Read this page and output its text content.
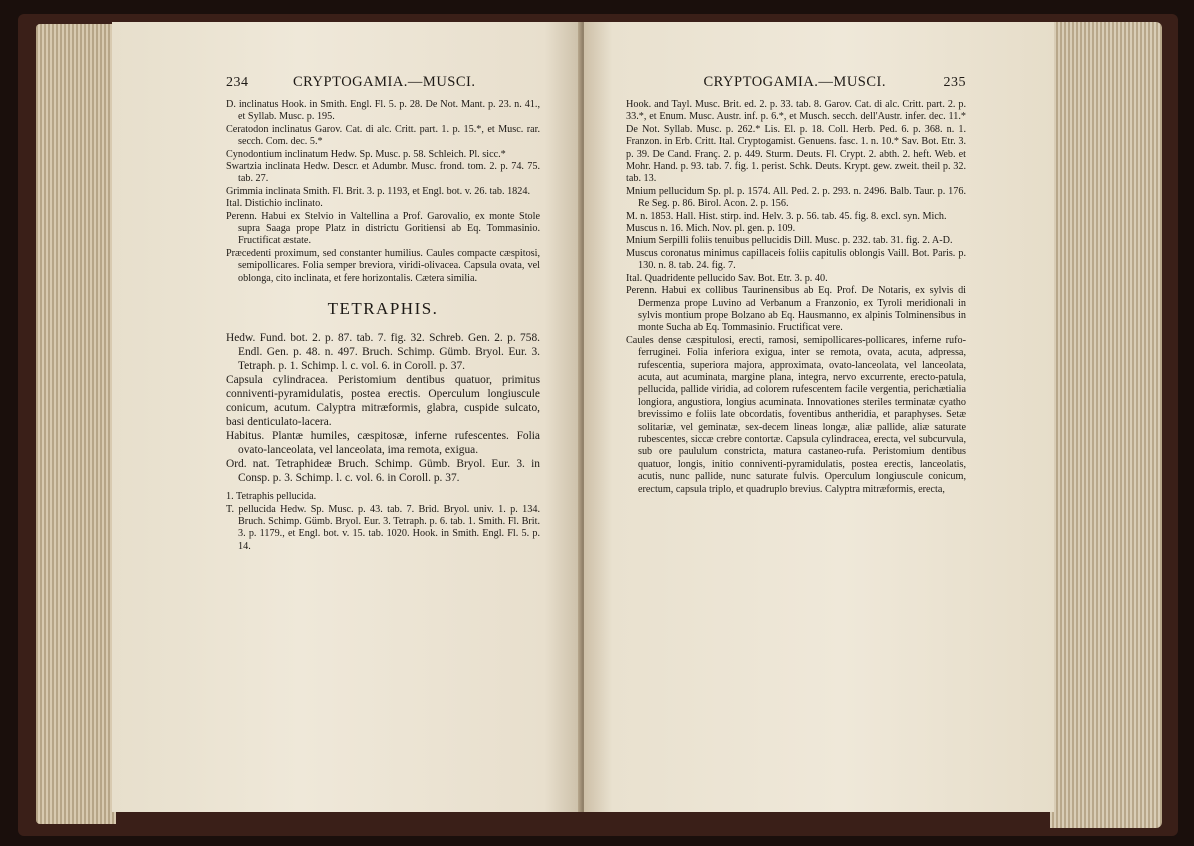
234	CRYPTOGAMIA.—MUSCI.

D. inclinatus Hook. in Smith. Engl. Fl. 5. p. 28. De Not. Mant. p. 23. n. 41., et Syllab. Musc. p. 195.

Ceratodon inclinatus Garov. Cat. di alc. Critt. part. 1. p. 15.*, et Musc. rar. secch. Com. dec. 5.*

Cynodontium inclinatum Hedw. Sp. Musc. p. 58. Schleich. Pl. sicc.*

Swartzia inclinata Hedw. Descr. et Adumbr. Musc. frond. tom. 2. p. 74. 75. tab. 27.

Grimmia inclinata Smith. Fl. Brit. 3. p. 1193, et Engl. bot. v. 26. tab. 1824.

Ital. Distichio inclinato.

Perenn. Habui ex Stelvio in Valtellina a Prof. Garovalio, ex monte Stole supra Saaga prope Platz in districtu Goritiensi ab Eq. Tommasinio. Fructificat æstate.

Præcedenti proximum, sed constanter humilius. Caules compacte cæspitosi, semipollicares. Folia semper breviora, viridi-olivacea. Capsula ovata, vel oblonga, cito inclinata, et fere horizontalis. Cætera similia.

TETRAPHIS.

Hedw. Fund. bot. 2. p. 87. tab. 7. fig. 32. Schreb. Gen. 2. p. 758. Endl. Gen. p. 48. n. 497. Bruch. Schimp. Gümb. Bryol. Eur. 3. Tetraph. p. 1. Schimp. l. c. vol. 6. in Coroll. p. 37.

Capsula cylindracea. Peristomium dentibus quatuor, primitus conniventi-pyramidulatis, postea erectis. Operculum longiuscule conicum, acutum. Calyptra mitræformis, glabra, cuspide sulcato, basi denticulato-lacera.

Habitus. Plantæ humiles, cæspitosæ, inferne rufescentes. Folia ovato-lanceolata, vel lanceolata, ima remota, exigua.

Ord. nat. Tetraphideæ Bruch. Schimp. Gümb. Bryol. Eur. 3. in Consp. p. 3. Schimp. l. c. vol. 6. in Coroll. p. 37.

1. Tetraphis pellucida.

T. pellucida Hedw. Sp. Musc. p. 43. tab. 7. Brid. Bryol. univ. 1. p. 134. Bruch. Schimp. Gümb. Bryol. Eur. 3. Tetraph. p. 6. tab. 1. Smith. Fl. Brit. 3. p. 1179., et Engl. bot. v. 15. tab. 1020. Hook. in Smith. Engl. Fl. 5. p. 14.

CRYPTOGAMIA.—MUSCI.	235

Hook. and Tayl. Musc. Brit. ed. 2. p. 33. tab. 8. Garov. Cat. di alc. Critt. part. 2. p. 33.*, et Enum. Musc. Austr. inf. p. 6.*, et Musch. secch. dell'Austr. infer. dec. 11.* De Not. Syllab. Musc. p. 262.* Lis. El. p. 18. Coll. Herb. Ped. 6. p. 368. n. 1. Franzon. in Erb. Critt. Ital. Cryptogamist. Genuens. fasc. 1. n. 10.* Sav. Bot. Etr. 3. p. 39. De Cand. Franç. 2. p. 449. Sturm. Deuts. Fl. Crypt. 2. abth. 2. heft. Web. et Mohr. Hand. p. 93. tab. 7. fig. 1. perist. Schk. Deuts. Krypt. gew. zweit. theil p. 32. tab. 13.

Mnium pellucidum Sp. pl. p. 1574. All. Ped. 2. p. 293. n. 2496. Balb. Taur. p. 176. Re Seg. p. 86. Birol. Acon. 2. p. 156.

M. n. 1853. Hall. Hist. stirp. ind. Helv. 3. p. 56. tab. 45. fig. 8. excl. syn. Mich.

Muscus n. 16. Mich. Nov. pl. gen. p. 109.

Mnium Serpilli foliis tenuibus pellucidis Dill. Musc. p. 232. tab. 31. fig. 2. A-D.

Muscus coronatus minimus capillaceis foliis capitulis oblongis Vaill. Bot. Paris. p. 130. n. 8. tab. 24. fig. 7.

Ital. Quadridente pellucido Sav. Bot. Etr. 3. p. 40.

Perenn. Habui ex collibus Taurinensibus ab Eq. Prof. De Notaris, ex sylvis di Dermenza prope Luvino ad Verbanum a Franzonio, ex Tyroli meridionali in sylvis montium prope Bolzano ab Eq. Hausmanno, ex alpinis Tolminensibus in monte Sucha ab Eq. Tommasinio. Fructificat vere.

Caules dense cæspitulosi, erecti, ramosi, semipollicares-pollicares, inferne rufo-ferruginei. Folia inferiora exigua, inter se remota, ovata, acuta, adpressa, rufescentia, superiora majora, approximata, ovato-lanceolata, vel lanceolata, acuta, aut acuminata, margine plana, integra, nervo excurrente, erecto-patula, pellucida, pallide viridia, ad colorem rufescentem facile vergentia, perichætialia longiora, angustiora, longius acuminata. Innovationes steriles terminatæ cyatho brevissimo e foliis late obcordatis, foventibus antheridia, et paraphyses. Setæ solitariæ, vel geminatæ, sex-decem lineas longæ, aliæ pallide, aliæ saturate rubescentes, siccæ crebre contortæ. Capsula cylindracea, erecta, vel subcurvula, sub ore paululum constricta, matura castaneo-rufa. Peristomium dentibus quatuor, longis, initio conniventi-pyramidulatis, postea erectis, lanceolatis, acutis, nunc pallide, nunc saturate fulvis. Operculum longiuscule conicum, erectum, capsula triplo, et quadruplo brevius. Calyptra mitræformis, erecta,
